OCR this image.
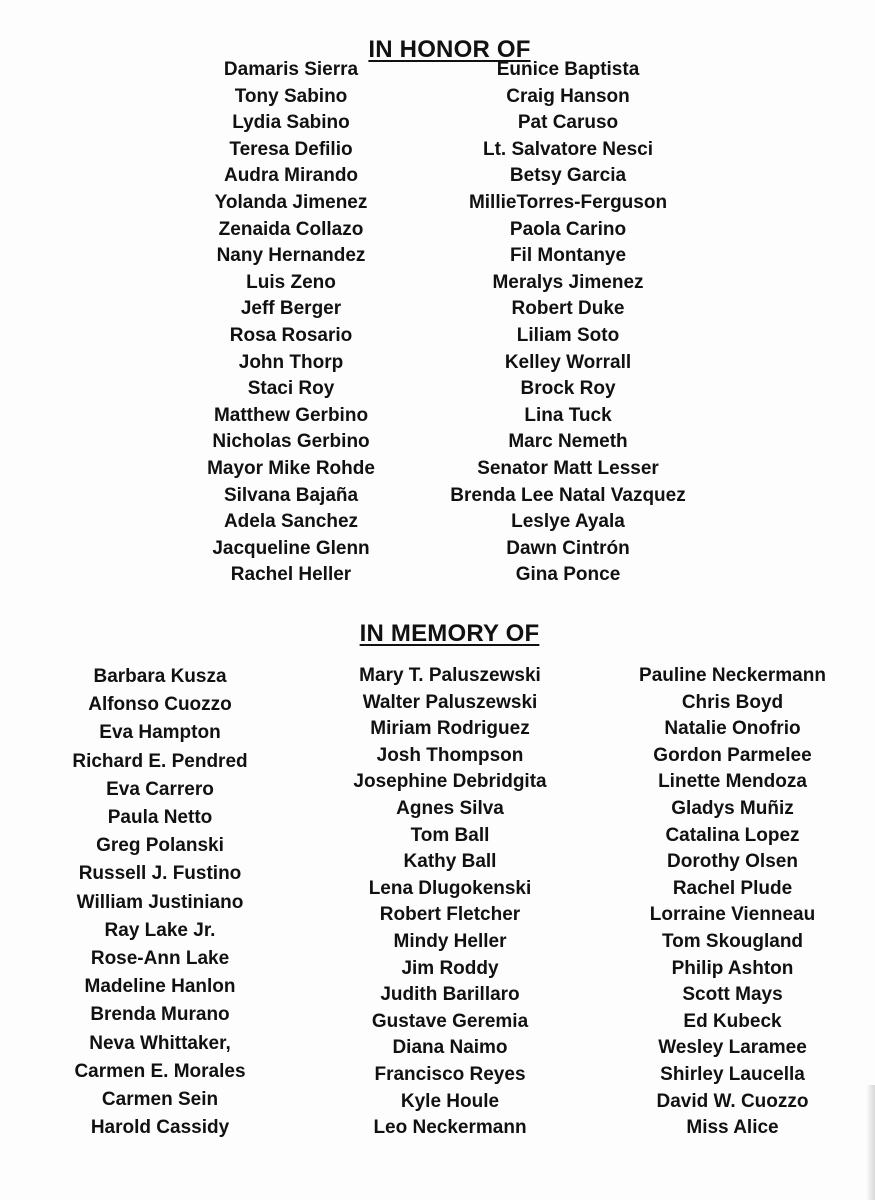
IN HONOR OF
Damaris Sierra
Tony Sabino
Lydia Sabino
Teresa Defilio
Audra Mirando
Yolanda Jimenez
Zenaida Collazo
Nany Hernandez
Luis Zeno
Jeff Berger
Rosa Rosario
John Thorp
Staci Roy
Matthew Gerbino
Nicholas Gerbino
Mayor Mike Rohde
Silvana Bajaña
Adela Sanchez
Jacqueline Glenn
Rachel Heller
Eunice Baptista
Craig Hanson
Pat Caruso
Lt. Salvatore Nesci
Betsy Garcia
MillieTorres-Ferguson
Paola Carino
Fil Montanye
Meralys Jimenez
Robert Duke
Liliam Soto
Kelley Worrall
Brock Roy
Lina Tuck
Marc Nemeth
Senator Matt Lesser
Brenda Lee Natal Vazquez
Leslye Ayala
Dawn Cintrón
Gina Ponce
IN MEMORY OF
Barbara Kusza
Alfonso Cuozzo
Eva Hampton
Richard E. Pendred
Eva Carrero
Paula Netto
Greg Polanski
Russell J. Fustino
William Justiniano
Ray Lake Jr.
Rose-Ann Lake
Madeline Hanlon
Brenda Murano
Neva Whittaker,
Carmen E. Morales
Carmen Sein
Harold Cassidy
Mary T. Paluszewski
Walter Paluszewski
Miriam Rodriguez
Josh Thompson
Josephine Debridgita
Agnes Silva
Tom Ball
Kathy Ball
Lena Dlugokenski
Robert Fletcher
Mindy Heller
Jim Roddy
Judith Barillaro
Gustave Geremia
Diana Naimo
Francisco Reyes
Kyle Houle
Leo Neckermann
Pauline Neckermann
Chris Boyd
Natalie Onofrio
Gordon Parmelee
Linette Mendoza
Gladys Muñiz
Catalina Lopez
Dorothy Olsen
Rachel Plude
Lorraine Vienneau
Tom Skougland
Philip Ashton
Scott Mays
Ed Kubeck
Wesley Laramee
Shirley Laucella
David W. Cuozzo
Miss Alice
